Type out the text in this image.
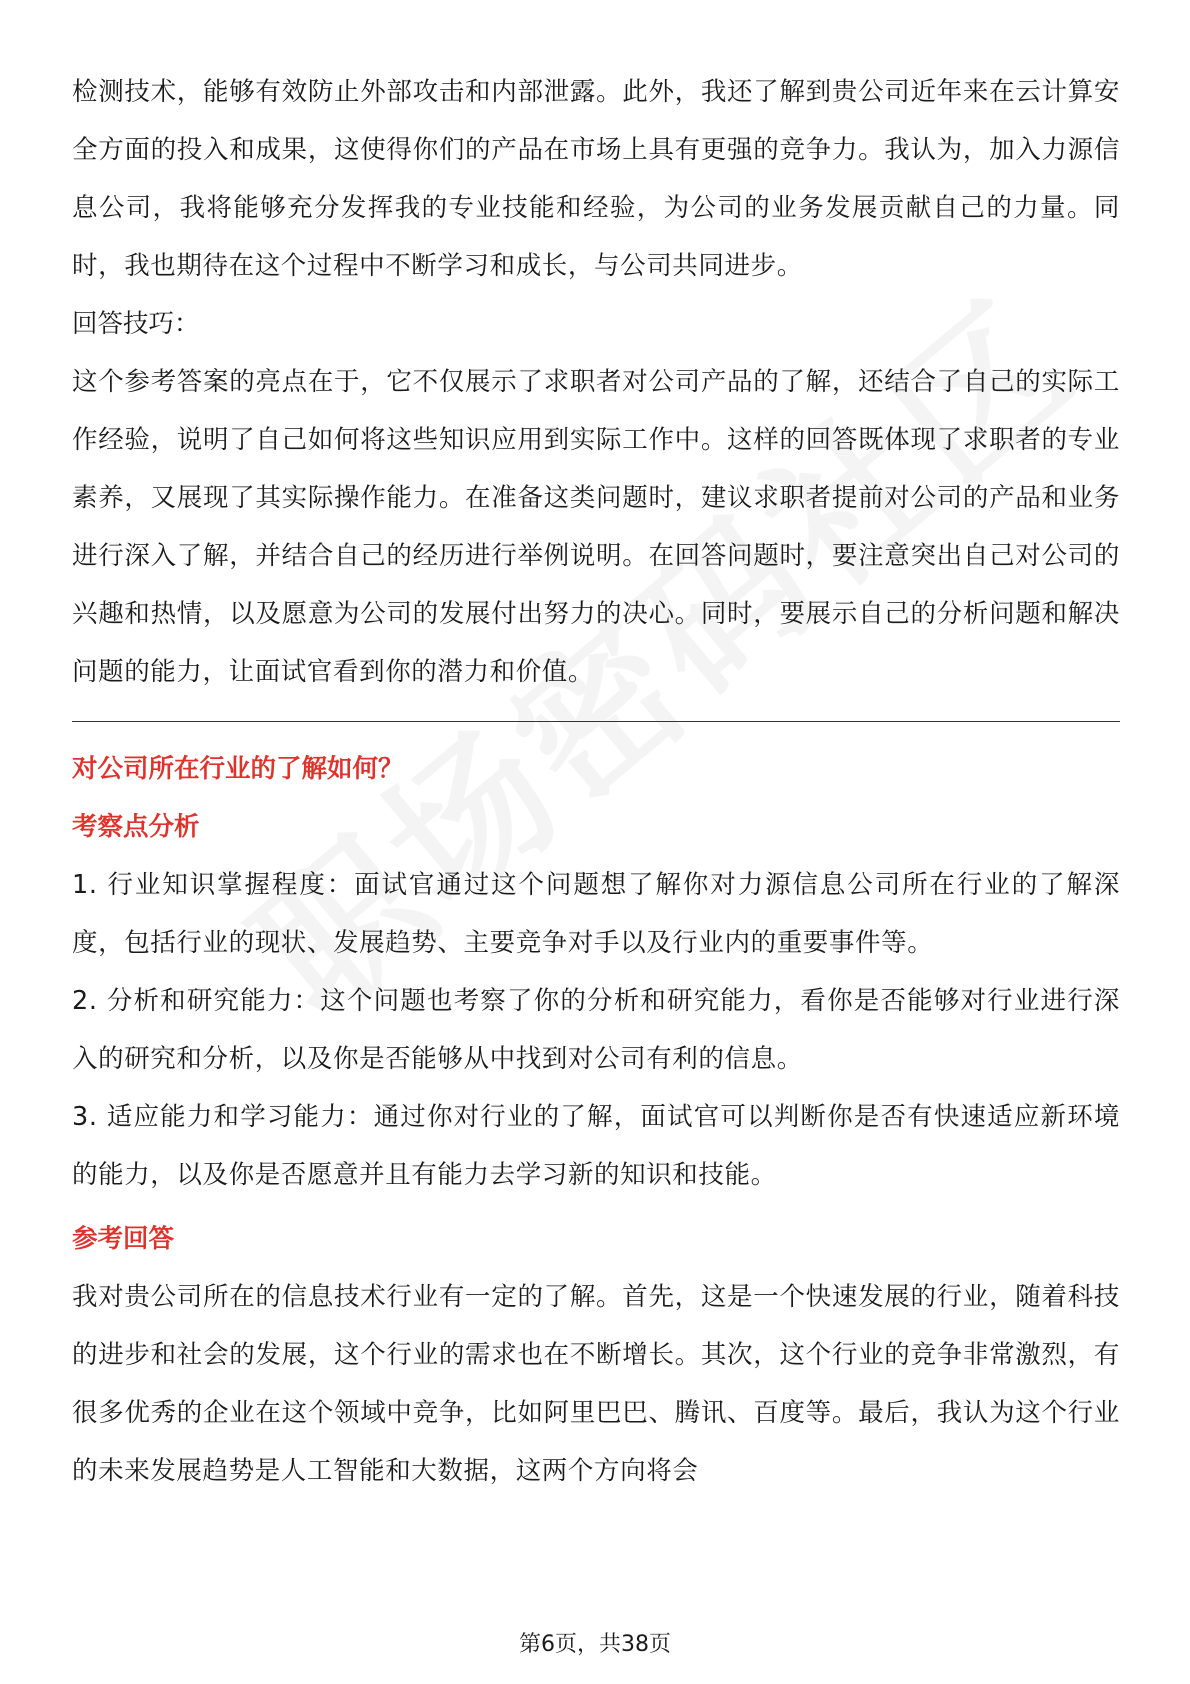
检测技术，能够有效防止外部攻击和内部泄露。此外，我还了解到贵公司近年来在云计算安全方面的投入和成果，这使得你们的产品在市场上具有更强的竞争力。我认为，加入力源信息公司，我将能够充分发挥我的专业技能和经验，为公司的业务发展贡献自己的力量。同时，我也期待在这个过程中不断学习和成长，与公司共同进步。

回答技巧：

这个参考答案的亮点在于，它不仅展示了求职者对公司产品的了解，还结合了自己的实际工作经验，说明了自己如何将这些知识应用到实际工作中。这样的回答既体现了求职者的专业素养，又展现了其实际操作能力。在准备这类问题时，建议求职者提前对公司的产品和业务进行深入了解，并结合自己的经历进行举例说明。在回答问题时，要注意突出自己对公司的兴趣和热情，以及愿意为公司的发展付出努力的决心。同时，要展示自己的分析问题和解决问题的能力，让面试官看到你的潜力和价值。

对公司所在行业的了解如何？
考察点分析

1. 行业知识掌握程度：面试官通过这个问题想了解你对力源信息公司所在行业的了解深度，包括行业的现状、发展趋势、主要竞争对手以及行业内的重要事件等。

2. 分析和研究能力：这个问题也考察了你的分析和研究能力，看你是否能够对行业进行深入的研究和分析，以及你是否能够从中找到对公司有利的信息。

3. 适应能力和学习能力：通过你对行业的了解，面试官可以判断你是否有快速适应新环境的能力，以及你是否愿意并且有能力去学习新的知识和技能。

参考回答

我对贵公司所在的信息技术行业有一定的了解。首先，这是一个快速发展的行业，随着科技的进步和社会的发展，这个行业的需求也在不断增长。其次，这个行业的竞争非常激烈，有很多优秀的企业在这个领域中竞争，比如阿里巴巴、腾讯、百度等。最后，我认为这个行业的未来发展趋势是人工智能和大数据，这两个方向将会

第6页，共38页
